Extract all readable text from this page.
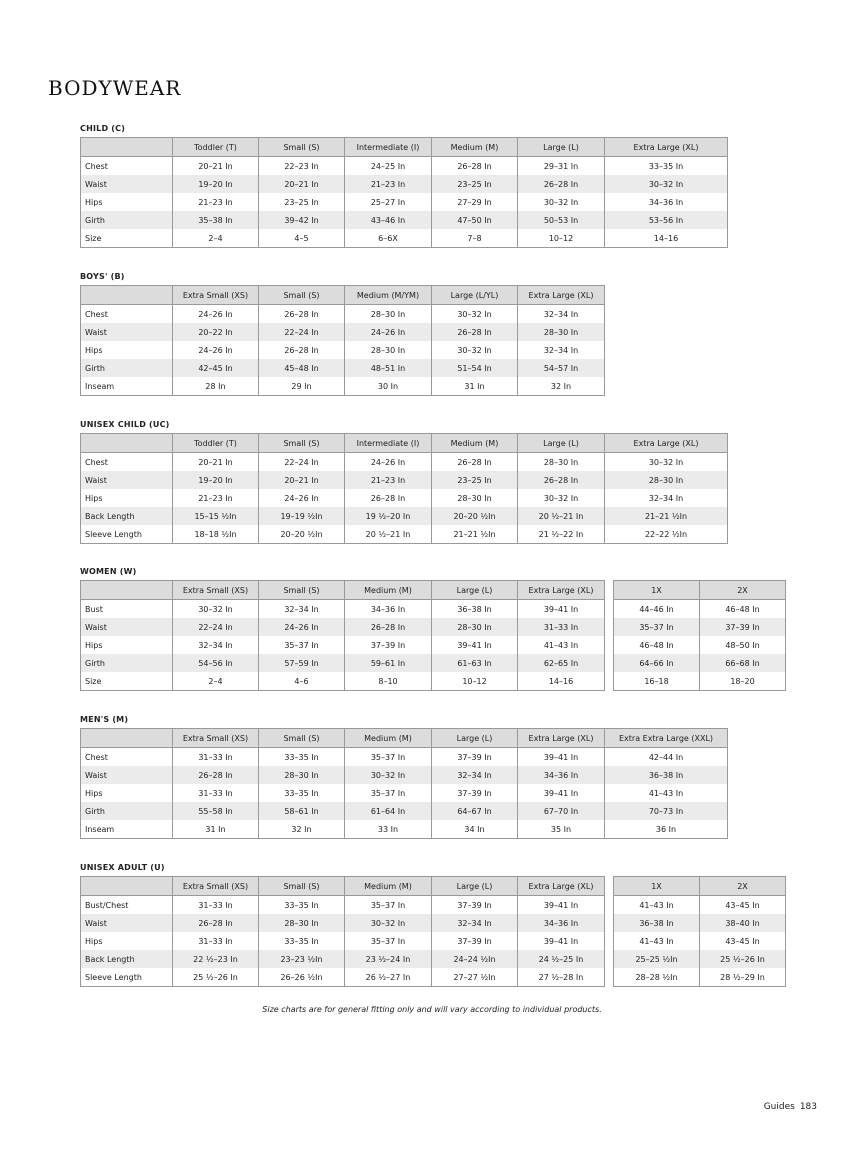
BODYWEAR
CHILD (C)
	Toddler (T)	Small (S)	Intermediate (I)	Medium (M)	Large (L)	Extra Large (XL)
Chest	20–21 In	22–23 In	24–25 In	26–28 In	29–31 In	33–35 In
Waist	19–20 In	20–21 In	21–23 In	23–25 In	26–28 In	30–32 In
Hips	21–23 In	23–25 In	25–27 In	27–29 In	30–32 In	34–36 In
Girth	35–38 In	39–42 In	43–46 In	47–50 In	50–53 In	53–56 In
Size	2–4	4–5	6–6X	7–8	10–12	14–16
BOYS' (B)
	Extra Small (XS)	Small (S)	Medium (M/YM)	Large (L/YL)	Extra Large (XL)
Chest	24–26 In	26–28 In	28–30 In	30–32 In	32–34 In
Waist	20–22 In	22–24 In	24–26 In	26–28 In	28–30 In
Hips	24–26 In	26–28 In	28–30 In	30–32 In	32–34 In
Girth	42–45 In	45–48 In	48–51 In	51–54 In	54–57 In
Inseam	28 In	29 In	30 In	31 In	32 In
UNISEX CHILD (UC)
	Toddler (T)	Small (S)	Intermediate (I)	Medium (M)	Large (L)	Extra Large (XL)
Chest	20–21 In	22–24 In	24–26 In	26–28 In	28–30 In	30–32 In
Waist	19–20 In	20–21 In	21–23 In	23–25 In	26–28 In	28–30 In
Hips	21–23 In	24–26 In	26–28 In	28–30 In	30–32 In	32–34 In
Back Length	15–15 ½In	19–19 ½In	19 ½–20 In	20–20 ½In	20 ½–21 In	21–21 ½In
Sleeve Length	18–18 ½In	20–20 ½In	20 ½–21 In	21–21 ½In	21 ½–22 In	22–22 ½In
WOMEN (W)
	Extra Small (XS)	Small (S)	Medium (M)	Large (L)	Extra Large (XL)
Bust	30–32 In	32–34 In	34–36 In	36–38 In	39–41 In
Waist	22–24 In	24–26 In	26–28 In	28–30 In	31–33 In
Hips	32–34 In	35–37 In	37–39 In	39–41 In	41–43 In
Girth	54–56 In	57–59 In	59–61 In	61–63 In	62–65 In
Size	2–4	4–6	8–10	10–12	14–16
1X	2X
44–46 In	46–48 In
35–37 In	37–39 In
46–48 In	48–50 In
64–66 In	66–68 In
16–18	18–20
MEN'S (M)
	Extra Small (XS)	Small (S)	Medium (M)	Large (L)	Extra Large (XL)	Extra Extra Large (XXL)
Chest	31–33 In	33–35 In	35–37 In	37–39 In	39–41 In	42–44 In
Waist	26–28 In	28–30 In	30–32 In	32–34 In	34–36 In	36–38 In
Hips	31–33 In	33–35 In	35–37 In	37–39 In	39–41 In	41–43 In
Girth	55–58 In	58–61 In	61–64 In	64–67 In	67–70 In	70–73 In
Inseam	31 In	32 In	33 In	34 In	35 In	36 In
UNISEX ADULT (U)
	Extra Small (XS)	Small (S)	Medium (M)	Large (L)	Extra Large (XL)
Bust/Chest	31–33 In	33–35 In	35–37 In	37–39 In	39–41 In
Waist	26–28 In	28–30 In	30–32 In	32–34 In	34–36 In
Hips	31–33 In	33–35 In	35–37 In	37–39 In	39–41 In
Back Length	22 ½–23 In	23–23 ½In	23 ½–24 In	24–24 ½In	24 ½–25 In
Sleeve Length	25 ½–26 In	26–26 ½In	26 ½–27 In	27–27 ½In	27 ½–28 In
1X	2X
41–43 In	43–45 In
36–38 In	38–40 In
41–43 In	43–45 In
25–25 ½In	25 ½–26 In
28–28 ½In	28 ½–29 In

Size charts are for general fitting only and will vary according to individual products.

Guides 183
